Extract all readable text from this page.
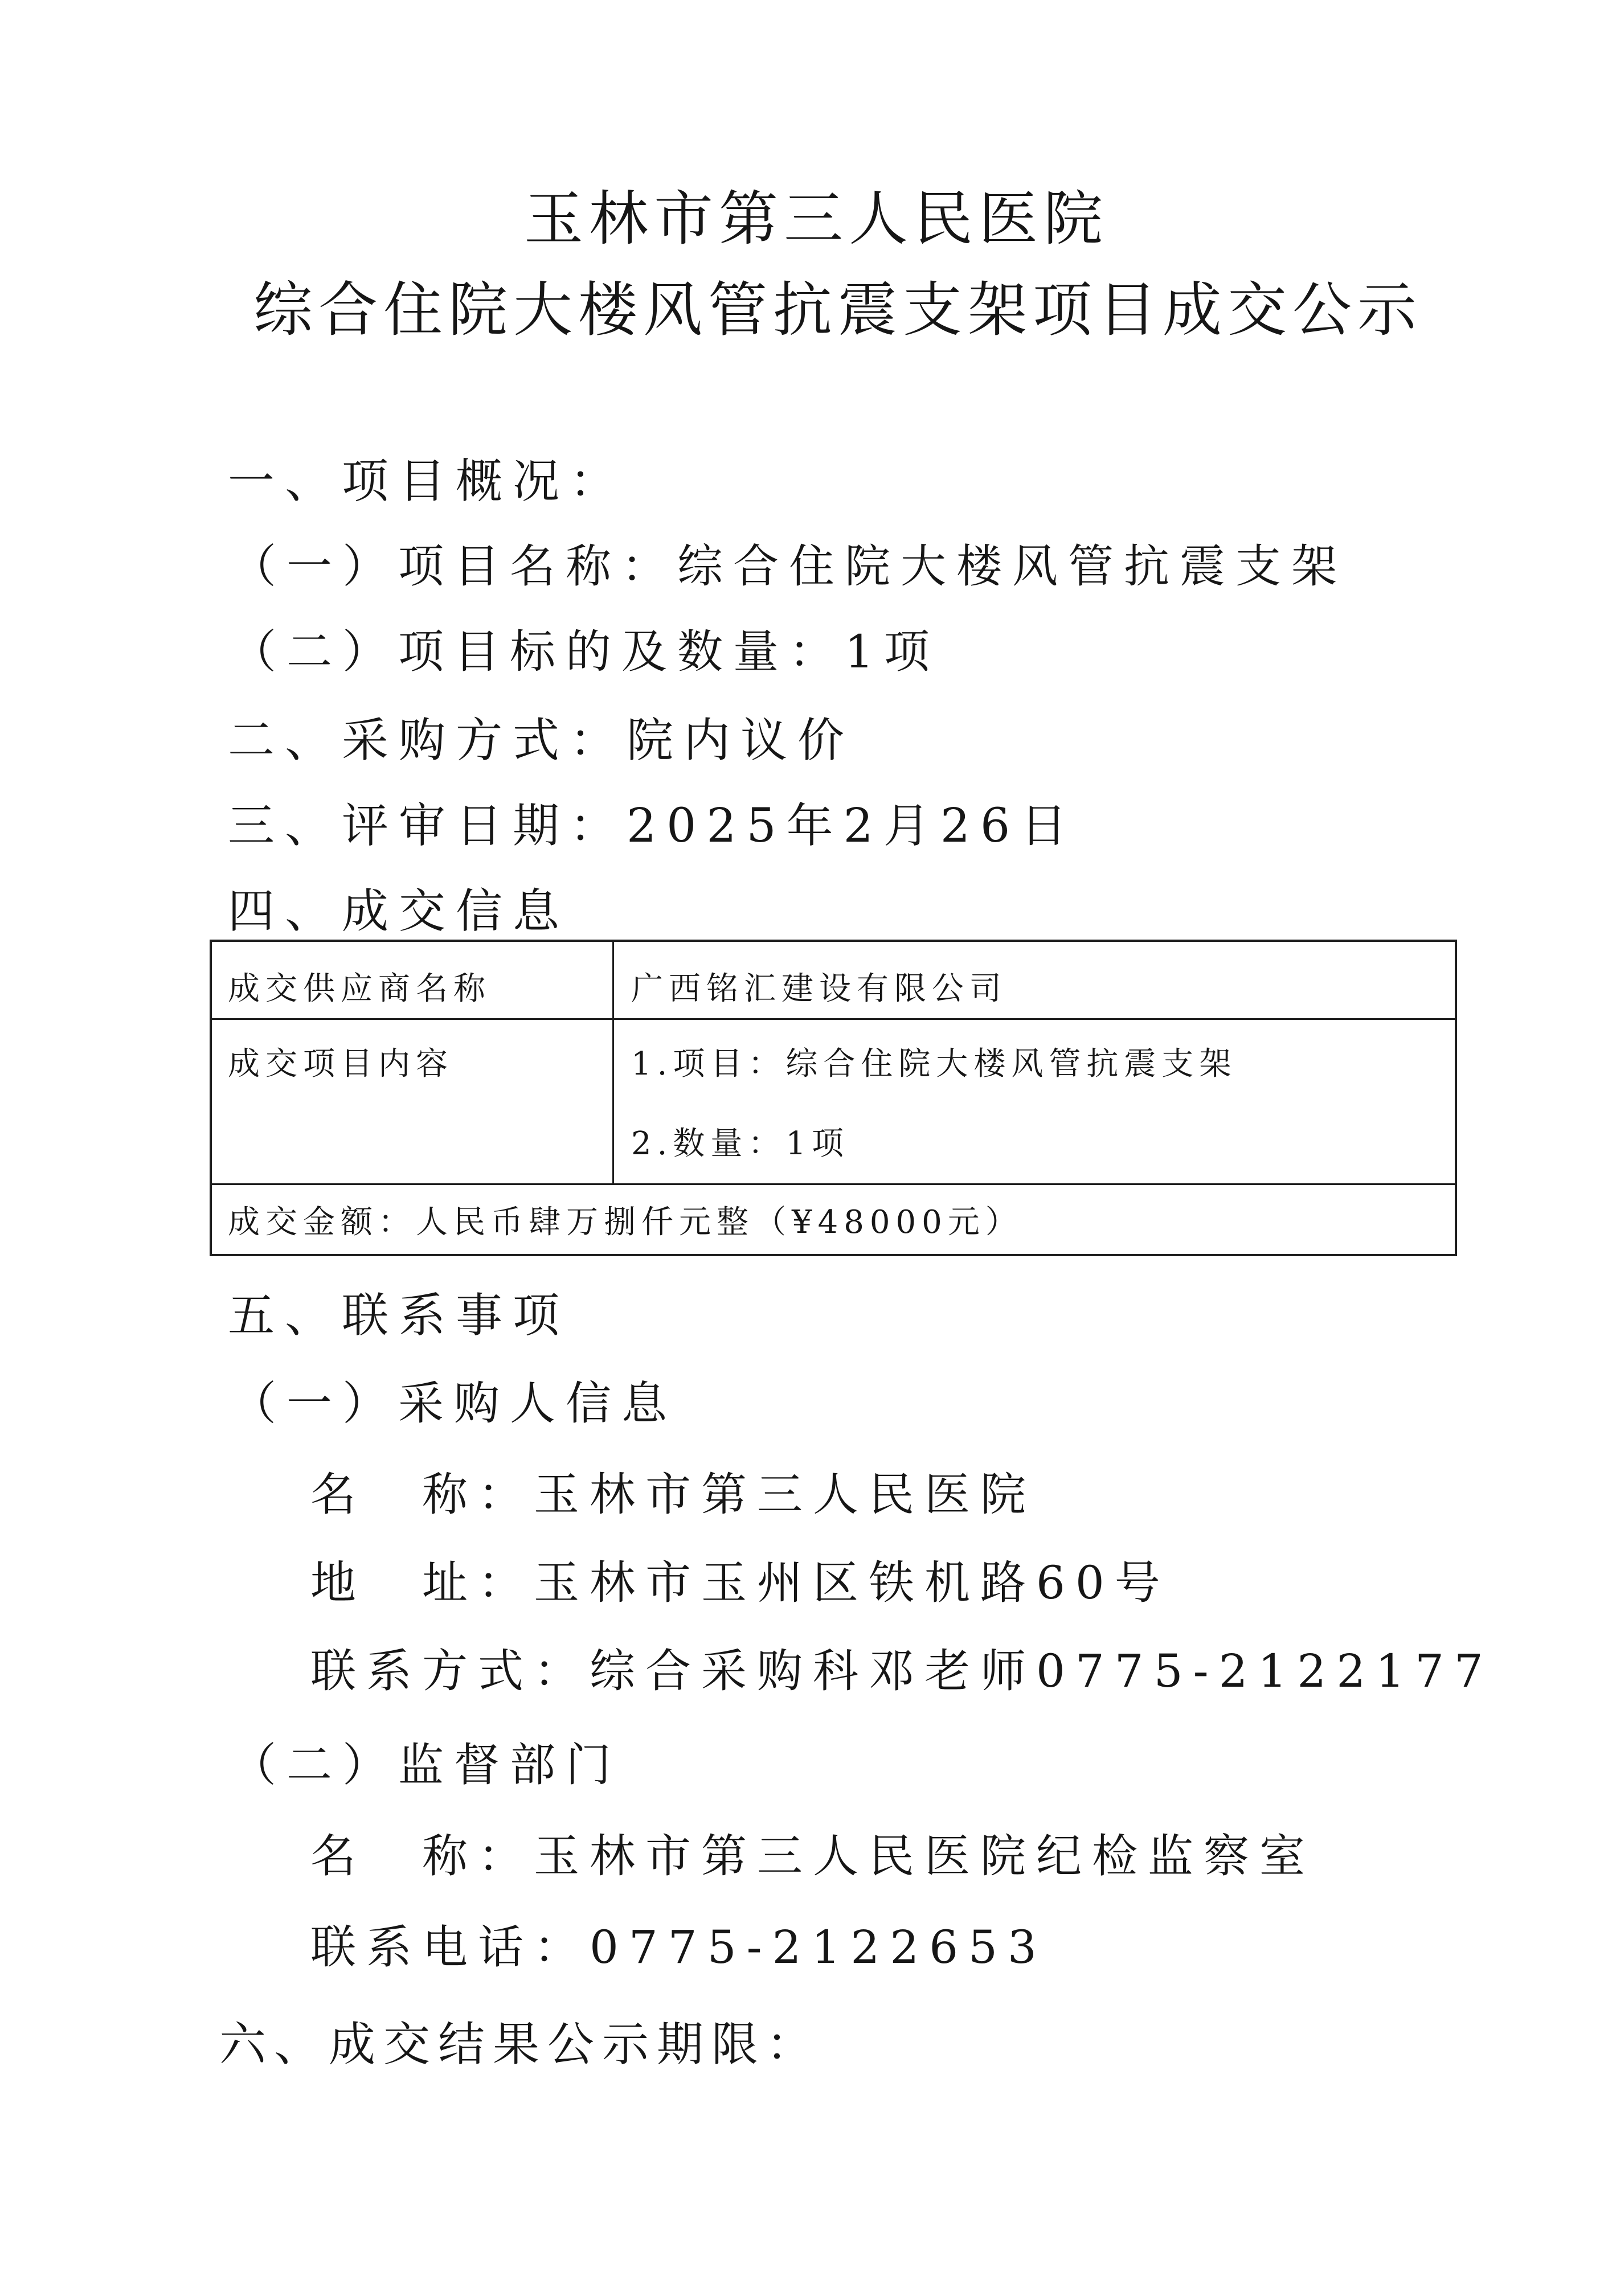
玉林市第三人民医院
综合住院大楼风管抗震支架项目成交公示
一、项目概况：
（一）项目名称：综合住院大楼风管抗震支架
（二）项目标的及数量：1项
二、采购方式：院内议价
三、评审日期：2025年2月26日
四、成交信息
成交供应商名称	广西铭汇建设有限公司
成交项目内容	1.项目：综合住院大楼风管抗震支架
2.数量：1项
成交金额：人民币肆万捌仟元整（¥48000元）
五、联系事项
（一）采购人信息
名　称：玉林市第三人民医院
地　址：玉林市玉州区铁机路60号
联系方式：综合采购科邓老师0775-2122177
（二）监督部门
名　称：玉林市第三人民医院纪检监察室
联系电话：0775-2122653
六、成交结果公示期限：
